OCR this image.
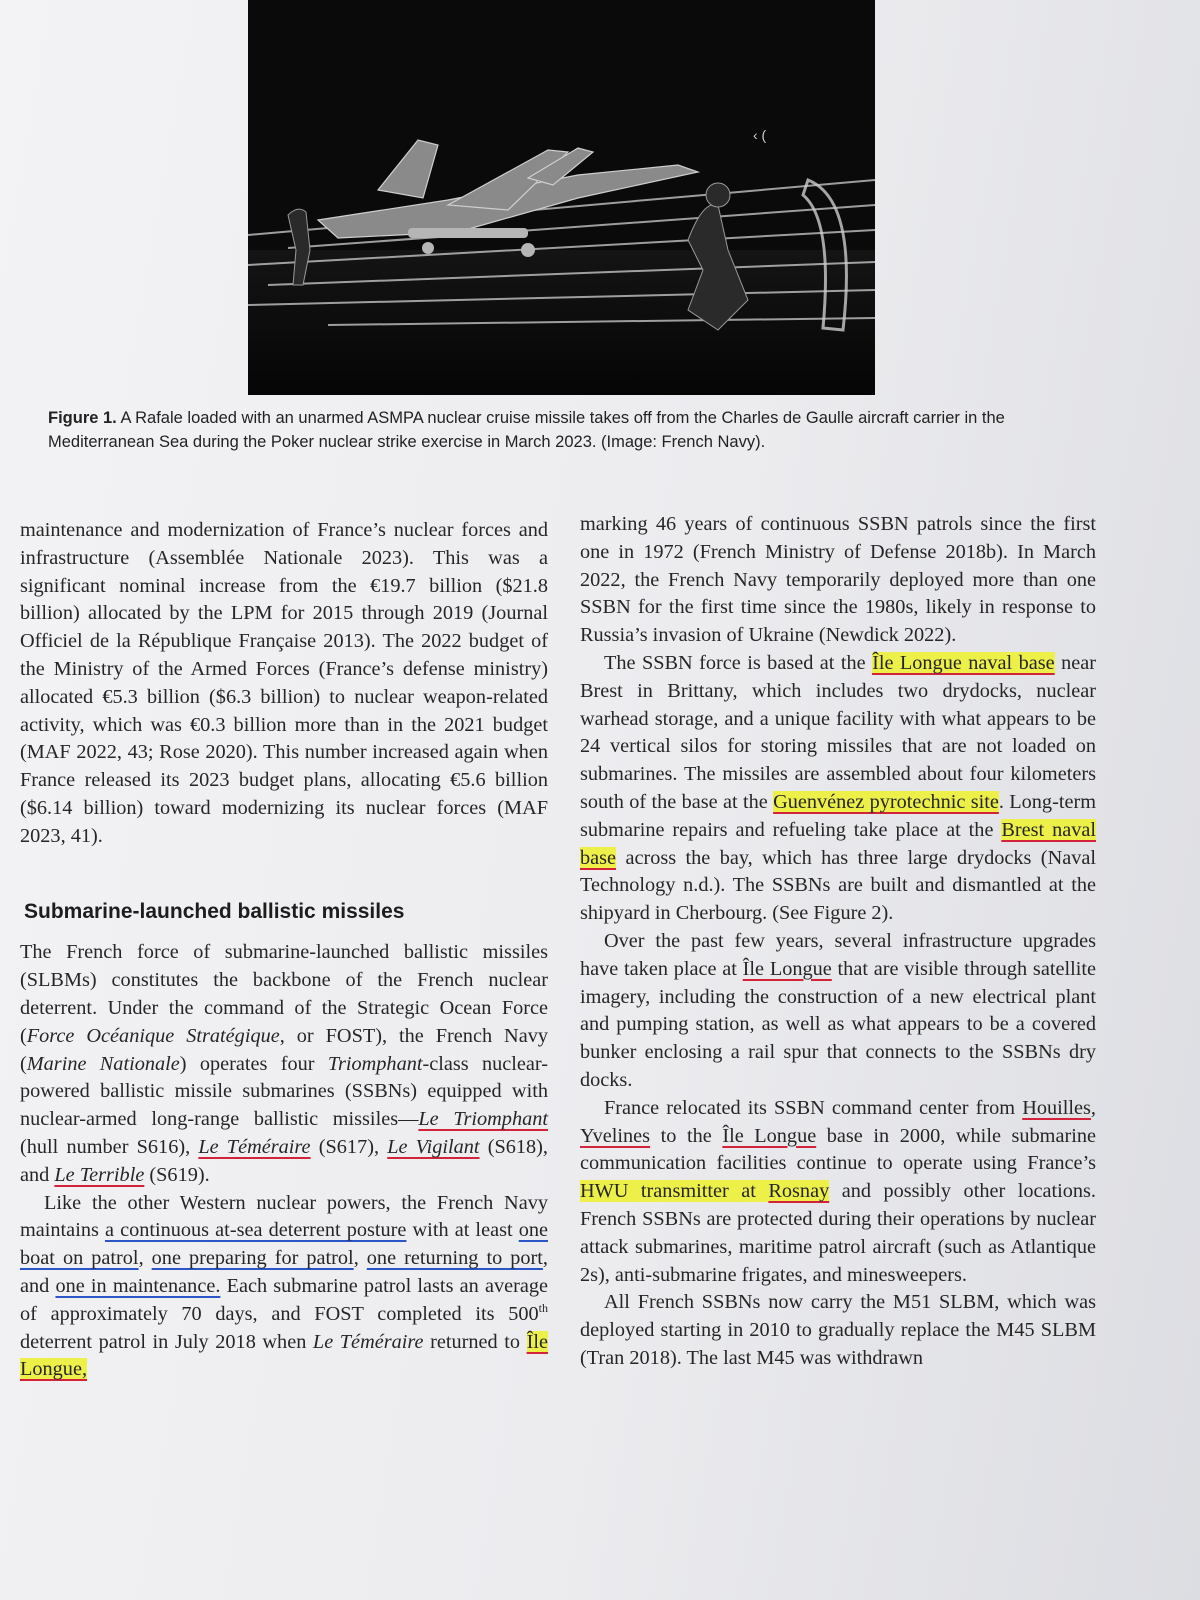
‹ (
Figure 1. A Rafale loaded with an unarmed ASMPA nuclear cruise missile takes off from the Charles de Gaulle aircraft carrier in the Mediterranean Sea during the Poker nuclear strike exercise in March 2023. (Image: French Navy).

maintenance and modernization of France’s nuclear forces and infrastructure (Assemblée Nationale 2023). This was a significant nominal increase from the €19.7 billion ($21.8 billion) allocated by the LPM for 2015 through 2019 (Journal Officiel de la République Française 2013). The 2022 budget of the Ministry of the Armed Forces (France’s defense ministry) allocated €5.3 billion ($6.3 billion) to nuclear weapon-related activity, which was €0.3 billion more than in the 2021 budget (MAF 2022, 43; Rose 2020). This number increased again when France released its 2023 budget plans, allocating €5.6 billion ($6.14 billion) toward modernizing its nuclear forces (MAF 2023, 41).

Submarine-launched ballistic missiles

The French force of submarine-launched ballistic missiles (SLBMs) constitutes the backbone of the French nuclear deterrent. Under the command of the Strategic Ocean Force (Force Océanique Stratégique, or FOST), the French Navy (Marine Nationale) operates four Triomphant-class nuclear-powered ballistic missile submarines (SSBNs) equipped with nuclear-armed long-range ballistic missiles—Le Triomphant (hull number S616), Le Téméraire (S617), Le Vigilant (S618), and Le Terrible (S619).

Like the other Western nuclear powers, the French Navy maintains a continuous at-sea deterrent posture with at least one boat on patrol, one preparing for patrol, one returning to port, and one in maintenance. Each submarine patrol lasts an average of approximately 70 days, and FOST completed its 500th deterrent patrol in July 2018 when Le Téméraire returned to Île Longue,

marking 46 years of continuous SSBN patrols since the first one in 1972 (French Ministry of Defense 2018b). In March 2022, the French Navy temporarily deployed more than one SSBN for the first time since the 1980s, likely in response to Russia’s invasion of Ukraine (Newdick 2022).

The SSBN force is based at the Île Longue naval base near Brest in Brittany, which includes two drydocks, nuclear warhead storage, and a unique facility with what appears to be 24 vertical silos for storing missiles that are not loaded on submarines. The missiles are assembled about four kilometers south of the base at the Guenvénez pyrotechnic site. Long-term submarine repairs and refueling take place at the Brest naval base across the bay, which has three large drydocks (Naval Technology n.d.). The SSBNs are built and dismantled at the shipyard in Cherbourg. (See Figure 2).

Over the past few years, several infrastructure upgrades have taken place at Île Longue that are visible through satellite imagery, including the construction of a new electrical plant and pumping station, as well as what appears to be a covered bunker enclosing a rail spur that connects to the SSBNs dry docks.

France relocated its SSBN command center from Houilles, Yvelines to the Île Longue base in 2000, while submarine communication facilities continue to operate using France’s HWU transmitter at Rosnay and possibly other locations. French SSBNs are protected during their operations by nuclear attack submarines, maritime patrol aircraft (such as Atlantique 2s), anti-submarine frigates, and minesweepers.

All French SSBNs now carry the M51 SLBM, which was deployed starting in 2010 to gradually replace the M45 SLBM (Tran 2018). The last M45 was withdrawn
